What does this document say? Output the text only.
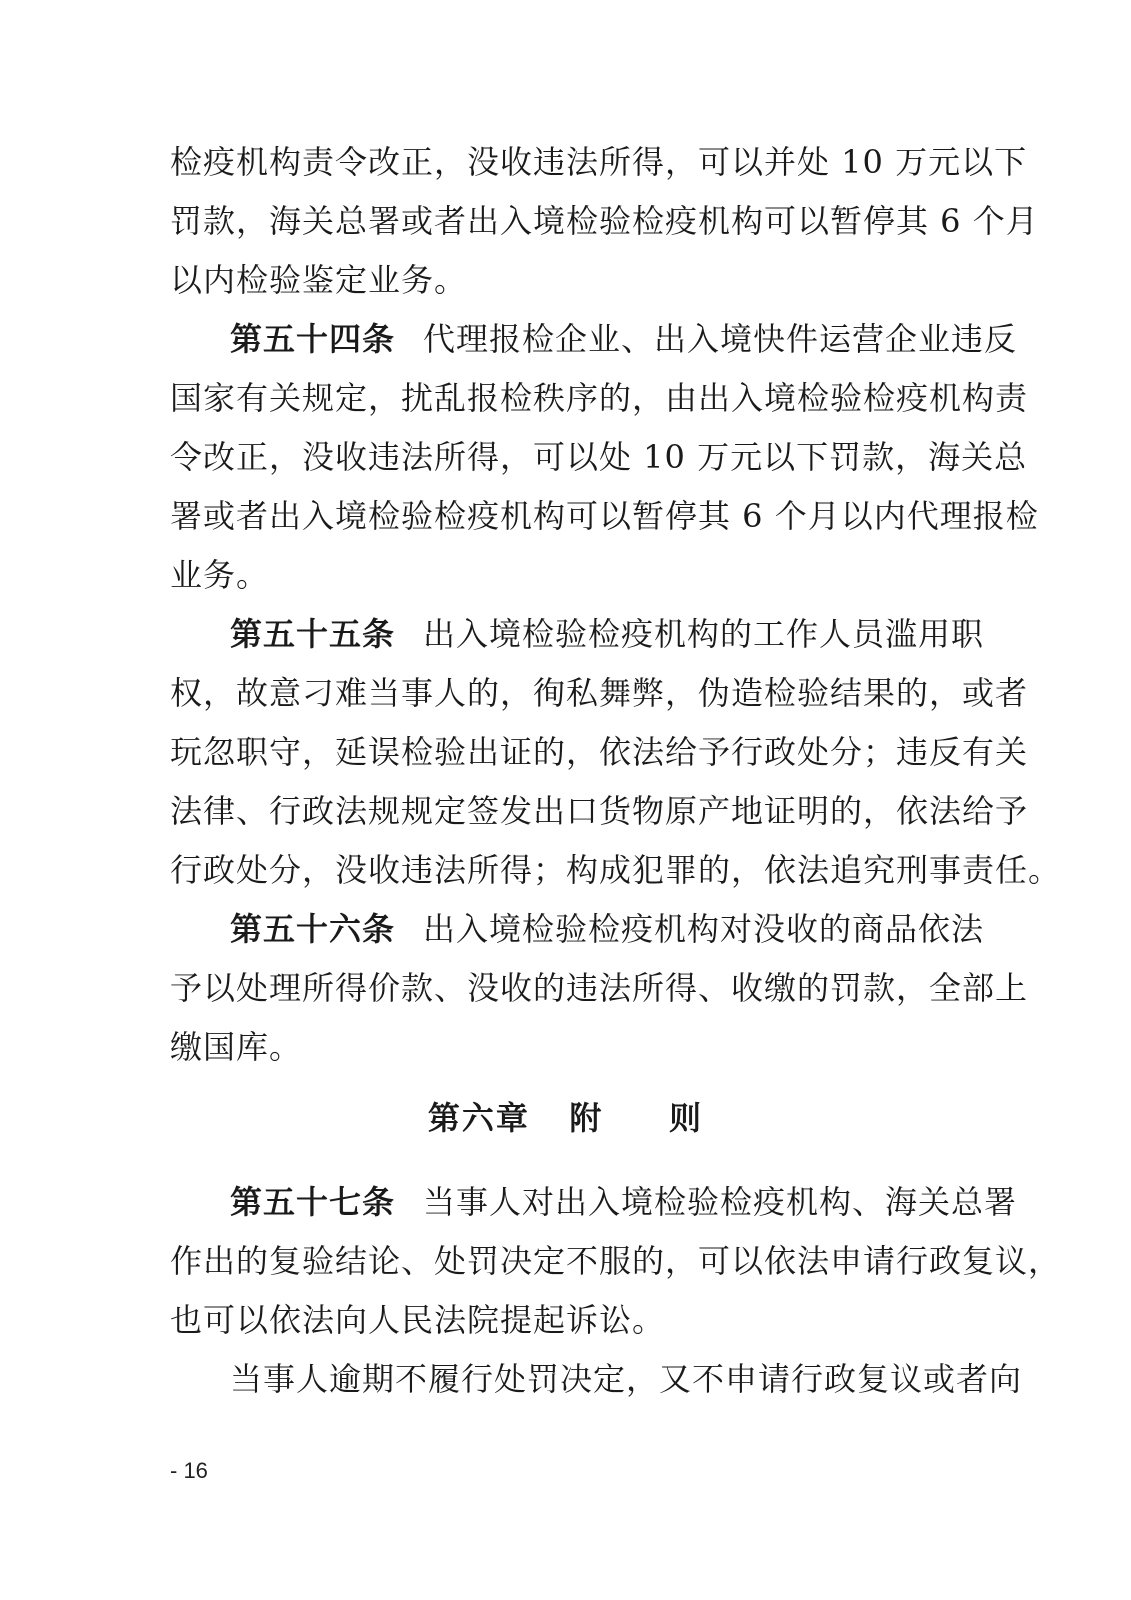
检疫机构责令改正，没收违法所得，可以并处 10 万元以下
罚款，海关总署或者出入境检验检疫机构可以暂停其 6 个月
以内检验鉴定业务。
第五十四条 代理报检企业、出入境快件运营企业违反
国家有关规定，扰乱报检秩序的，由出入境检验检疫机构责
令改正，没收违法所得，可以处 10 万元以下罚款，海关总
署或者出入境检验检疫机构可以暂停其 6 个月以内代理报检
业务。
第五十五条 出入境检验检疫机构的工作人员滥用职
权，故意刁难当事人的，徇私舞弊，伪造检验结果的，或者
玩忽职守，延误检验出证的，依法给予行政处分；违反有关
法律、行政法规规定签发出口货物原产地证明的，依法给予
行政处分，没收违法所得；构成犯罪的，依法追究刑事责任。
第五十六条 出入境检验检疫机构对没收的商品依法
予以处理所得价款、没收的违法所得、收缴的罚款，全部上
缴国库。
第六章   附     则
第五十七条 当事人对出入境检验检疫机构、海关总署
作出的复验结论、处罚决定不服的，可以依法申请行政复议，
也可以依法向人民法院提起诉讼。
当事人逾期不履行处罚决定，又不申请行政复议或者向
- 16
